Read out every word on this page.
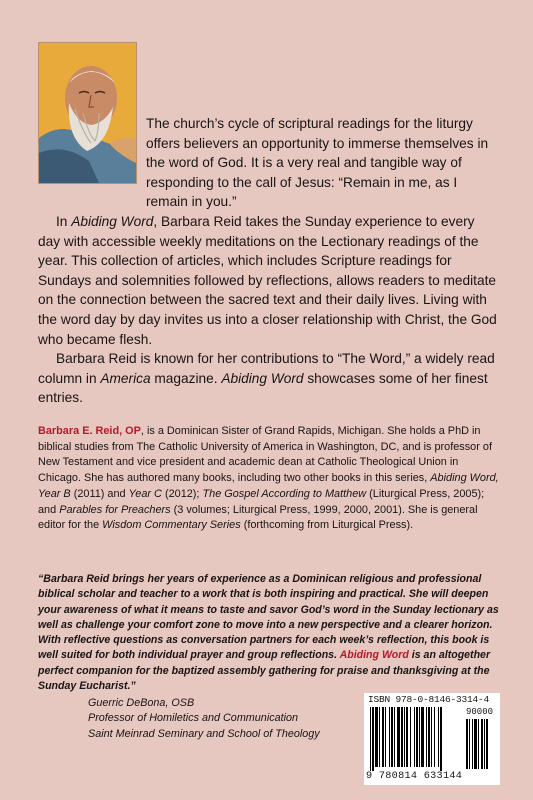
The church’s cycle of scriptural readings for the liturgy offers believers an opportunity to immerse themselves in the word of God. It is a very real and tangible way of responding to the call of Jesus: “Remain in me, as I remain in you.”

In Abiding Word, Barbara Reid takes the Sunday experience to every day with accessible weekly meditations on the Lectionary readings of the year. This collection of articles, which includes Scripture readings for Sundays and solemnities followed by reflections, allows readers to meditate on the connection between the sacred text and their daily lives. Living with the word day by day invites us into a closer relationship with Christ, the God who became flesh.

Barbara Reid is known for her contributions to “The Word,” a widely read column in America magazine. Abiding Word showcases some of her finest entries.

Barbara E. Reid, OP, is a Dominican Sister of Grand Rapids, Michigan. She holds a PhD in biblical studies from The Catholic University of America in Washington, DC, and is professor of New Testament and vice president and academic dean at Catholic Theological Union in Chicago. She has authored many books, including two other books in this series, Abiding Word, Year B (2011) and Year C (2012); The Gospel According to Matthew (Liturgical Press, 2005); and Parables for Preachers (3 volumes; Liturgical Press, 1999, 2000, 2001). She is general editor for the Wisdom Commentary Series (forthcoming from Liturgical Press).
“Barbara Reid brings her years of experience as a Dominican religious and professional biblical scholar and teacher to a work that is both inspiring and practical. She will deepen your awareness of what it means to taste and savor God’s word in the Sunday lectionary as well as challenge your comfort zone to move into a new perspective and a clearer horizon. With reflective questions as conversation partners for each week’s reflection, this book is well suited for both individual prayer and group reflections. Abiding Word is an altogether perfect companion for the baptized assembly gathering for praise and thanksgiving at the Sunday Eucharist.”
Guerric DeBona, OSB
Professor of Homiletics and Communication
Saint Meinrad Seminary and School of Theology
ISBN 978-0-8146-3314-4
90000
9 780814 633144
